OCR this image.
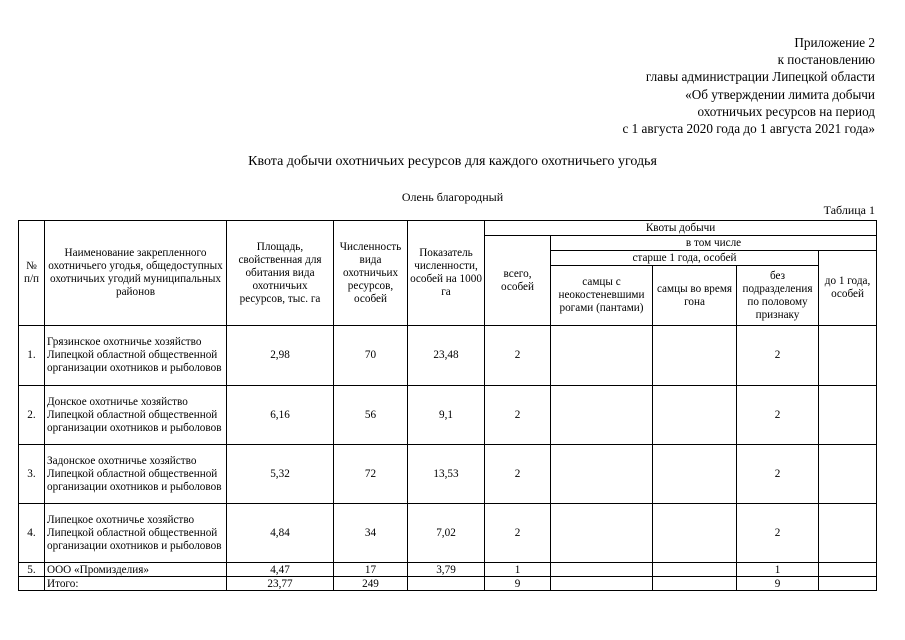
Приложение 2
к постановлению
главы администрации Липецкой области
«Об утверждении лимита добычи
охотничьих ресурсов на период
с 1 августа 2020 года до 1 августа 2021 года»
Квота добычи охотничьих ресурсов для каждого охотничьего угодья
Олень благородный
Таблица 1
№ п/п	Наименование закрепленного охотничьего угодья, общедоступных охотничьих угодий муниципальных районов	Площадь, свойственная для обитания вида охотничьих ресурсов, тыс. га	Численность вида охотничьих ресурсов, особей	Показатель численности, особей на 1000 га	Квоты добычи				
					всего, особей	в том числе			
						старше 1 года, особей			до 1 года, особей
						самцы с неокостеневшими рогами (пантами)	самцы во время гона	без подразделения по половому признаку	
1.	Грязинское охотничье хозяйство Липецкой областной общественной организации охотников и рыболовов	2,98	70	23,48	2			2	
2.	Донское охотничье хозяйство Липецкой областной общественной организации охотников и рыболовов	6,16	56	9,1	2			2	
3.	Задонское охотничье хозяйство Липецкой областной общественной организации охотников и рыболовов	5,32	72	13,53	2			2	
4.	Липецкое охотничье хозяйство Липецкой областной общественной организации охотников и рыболовов	4,84	34	7,02	2			2	
5.	ООО «Промизделия»	4,47	17	3,79	1			1	
	Итого:	23,77	249		9			9	
